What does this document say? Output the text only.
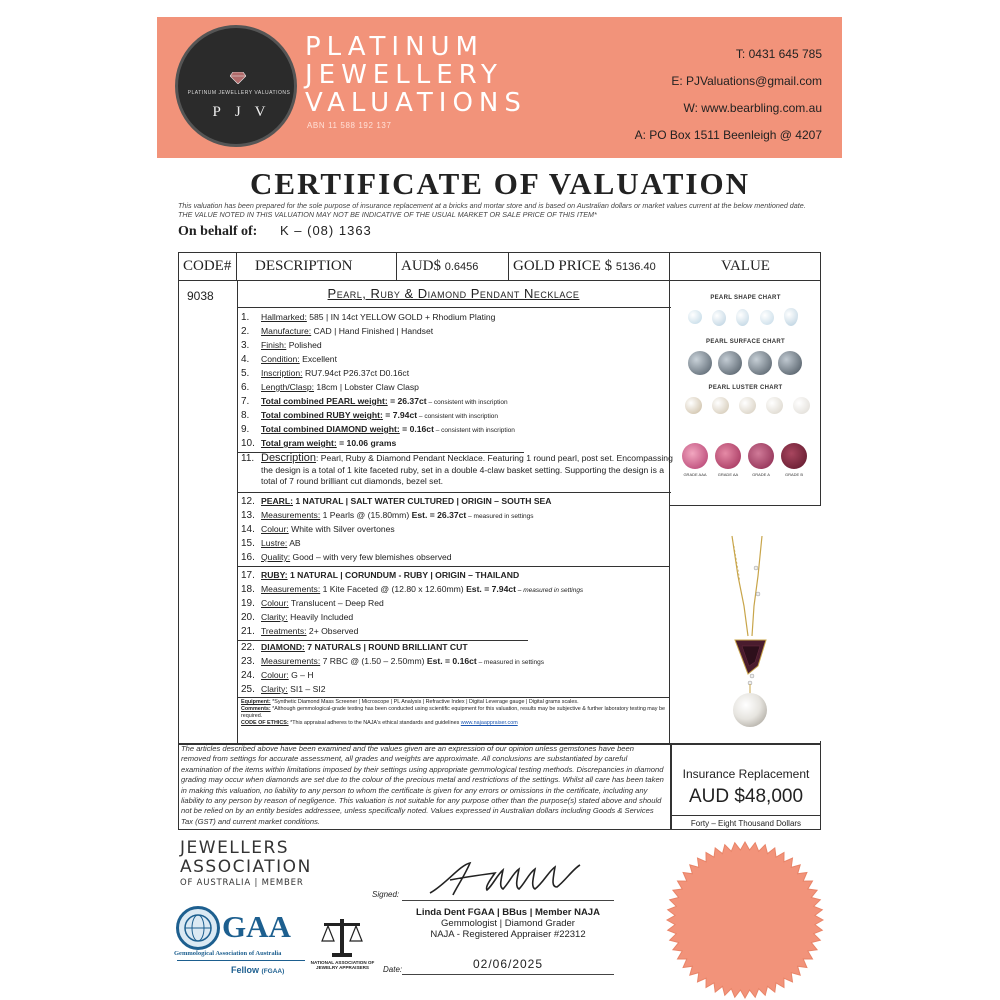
PLATINUM JEWELLERY VALUATIONS
PJV
PLATINUM
JEWELLERY
VALUATIONS
ABN 11 588 192 137
T: 0431 645 785
E: PJValuations@gmail.com
W: www.bearbling.com.au
A: PO Box 1511 Beenleigh @ 4207
CERTIFICATE OF VALUATION
This valuation has been prepared for the sole purpose of insurance replacement at a bricks and mortar store and is based on Australian dollars or market values current at the below mentioned date.
THE VALUE NOTED IN THIS VALUATION MAY NOT BE INDICATIVE OF THE USUAL MARKET OR SALE PRICE OF THIS ITEM*
On behalf of: K – (08) 1363
CODE#	DESCRIPTION	AUD$ 0.6456	GOLD PRICE $ 5136.40	VALUE
9038	Pearl, Ruby & Diamond Pendant Necklace
1. Hallmarked: 585 | IN 14ct YELLOW GOLD + Rhodium Plating
2. Manufacture: CAD | Hand Finished | Handset
3. Finish: Polished
4. Condition: Excellent
5. Inscription: RU7.94ct P26.37ct D0.16ct
6. Length/Clasp: 18cm | Lobster Claw Clasp
7. Total combined PEARL weight: = 26.37ct – consistent with inscription
8. Total combined RUBY weight: = 7.94ct – consistent with inscription
9. Total combined DIAMOND weight: = 0.16ct – consistent with inscription
10. Total gram weight: = 10.06 grams
11. Description: Pearl, Ruby & Diamond Pendant Necklace. Featuring 1 round pearl, post set. Encompassing
the design is a total of 1 kite faceted ruby, set in a double 4-claw basket setting. Supporting the design is a
total of 7 round brilliant cut diamonds, bezel set.
12. PEARL: 1 NATURAL | SALT WATER CULTURED | ORIGIN – SOUTH SEA
13. Measurements: 1 Pearls @ (15.80mm) Est. = 26.37ct – measured in settings
14. Colour: White with Silver overtones
15. Lustre: AB
16. Quality: Good – with very few blemishes observed
17. RUBY: 1 NATURAL | CORUNDUM - RUBY | ORIGIN – THAILAND
18. Measurements: 1 Kite Faceted @ (12.80 x 12.60mm) Est. = 7.94ct – measured in settings
19. Colour: Translucent – Deep Red
20. Clarity: Heavily Included
21. Treatments: 2+ Observed
22. DIAMOND: 7 NATURALS | ROUND BRILLIANT CUT
23. Measurements: 7 RBC @ (1.50 – 2.50mm) Est. = 0.16ct – measured in settings
24. Colour: G – H
25. Clarity: SI1 – SI2
Equipment: *Synthetic Diamond Mass Screener | Microscope | PL Analysis | Refractive Index | Digital Leverage gauge | Digital grams scales.
Comments: *Although gemmological-grade testing has been conducted using scientific equipment for this valuation, results may be subjective & further laboratory testing may be required.
CODE OF ETHICS: *This appraisal adheres to the NAJA's ethical standards and guidelines www.najaappraiser.com
PEARL SHAPE CHART
PEARL SURFACE CHART
PEARL LUSTER CHART
GRADE AAA	GRADE AA	GRADE A	GRADE B
The articles described above have been examined and the values given are an expression of our opinion unless gemstones have been removed from settings for accurate assessment, all grades and weights are approximate. All conclusions are substantiated by careful examination of the items within limitations imposed by their settings using appropriate gemmological testing methods. Discrepancies in diamond grading may occur when diamonds are set due to the colour of the precious metal and restrictions of the settings. Whilst all care has been taken in making this valuation, no liability to any person to whom the certificate is given for any errors or omissions in the certificate, including any liability to any person by reason of negligence. This valuation is not suitable for any purpose other than the purpose(s) stated above and should not be relied on by an entity besides addressee, unless specifically noted. Values expressed in Australian dollars including Goods & Services Tax (GST) and current market conditions.
Insurance Replacement
AUD $48,000
Forty – Eight Thousand Dollars
JEWELLERS
ASSOCIATION
OF AUSTRALIA | MEMBER
GAA
Gemmological Association of Australia
Fellow (FGAA)
NATIONAL ASSOCIATION OF JEWELRY APPRAISERS
Signed:
Linda Dent FGAA | BBus | Member NAJA
Gemmologist | Diamond Grader
NAJA - Registered Appraiser #22312
Date:	02/06/2025
